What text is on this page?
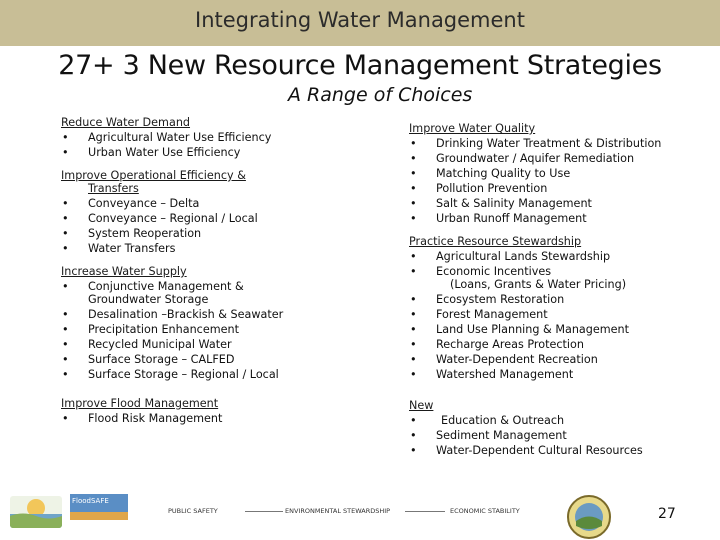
Integrating Water Management
27+ 3 New Resource Management Strategies
A Range of Choices
Reduce Water Demand
• Agricultural Water Use Efficiency
• Urban Water Use Efficiency
Improve Operational Efficiency &
Transfers
• Conveyance – Delta
• Conveyance – Regional / Local
• System Reoperation
• Water Transfers
Increase Water Supply
• Conjunctive Management & Groundwater Storage
• Desalination –Brackish & Seawater
• Precipitation Enhancement
• Recycled Municipal Water
• Surface Storage – CALFED
• Surface Storage – Regional / Local
Improve Flood Management
• Flood Risk Management
Improve Water Quality
• Drinking Water Treatment & Distribution
• Groundwater / Aquifer Remediation
• Matching Quality to Use
• Pollution Prevention
• Salt & Salinity Management
• Urban Runoff Management
Practice Resource Stewardship
• Agricultural Lands Stewardship
• Economic Incentives
(Loans, Grants & Water Pricing)
• Ecosystem Restoration
• Forest Management
• Land Use Planning & Management
• Recharge Areas Protection
• Water-Dependent Recreation
• Watershed Management
New
• Education & Outreach
• Sediment Management
• Water-Dependent Cultural Resources
FloodSAFE
PUBLIC SAFETY	ENVIRONMENTAL STEWARDSHIP	ECONOMIC STABILITY	27
